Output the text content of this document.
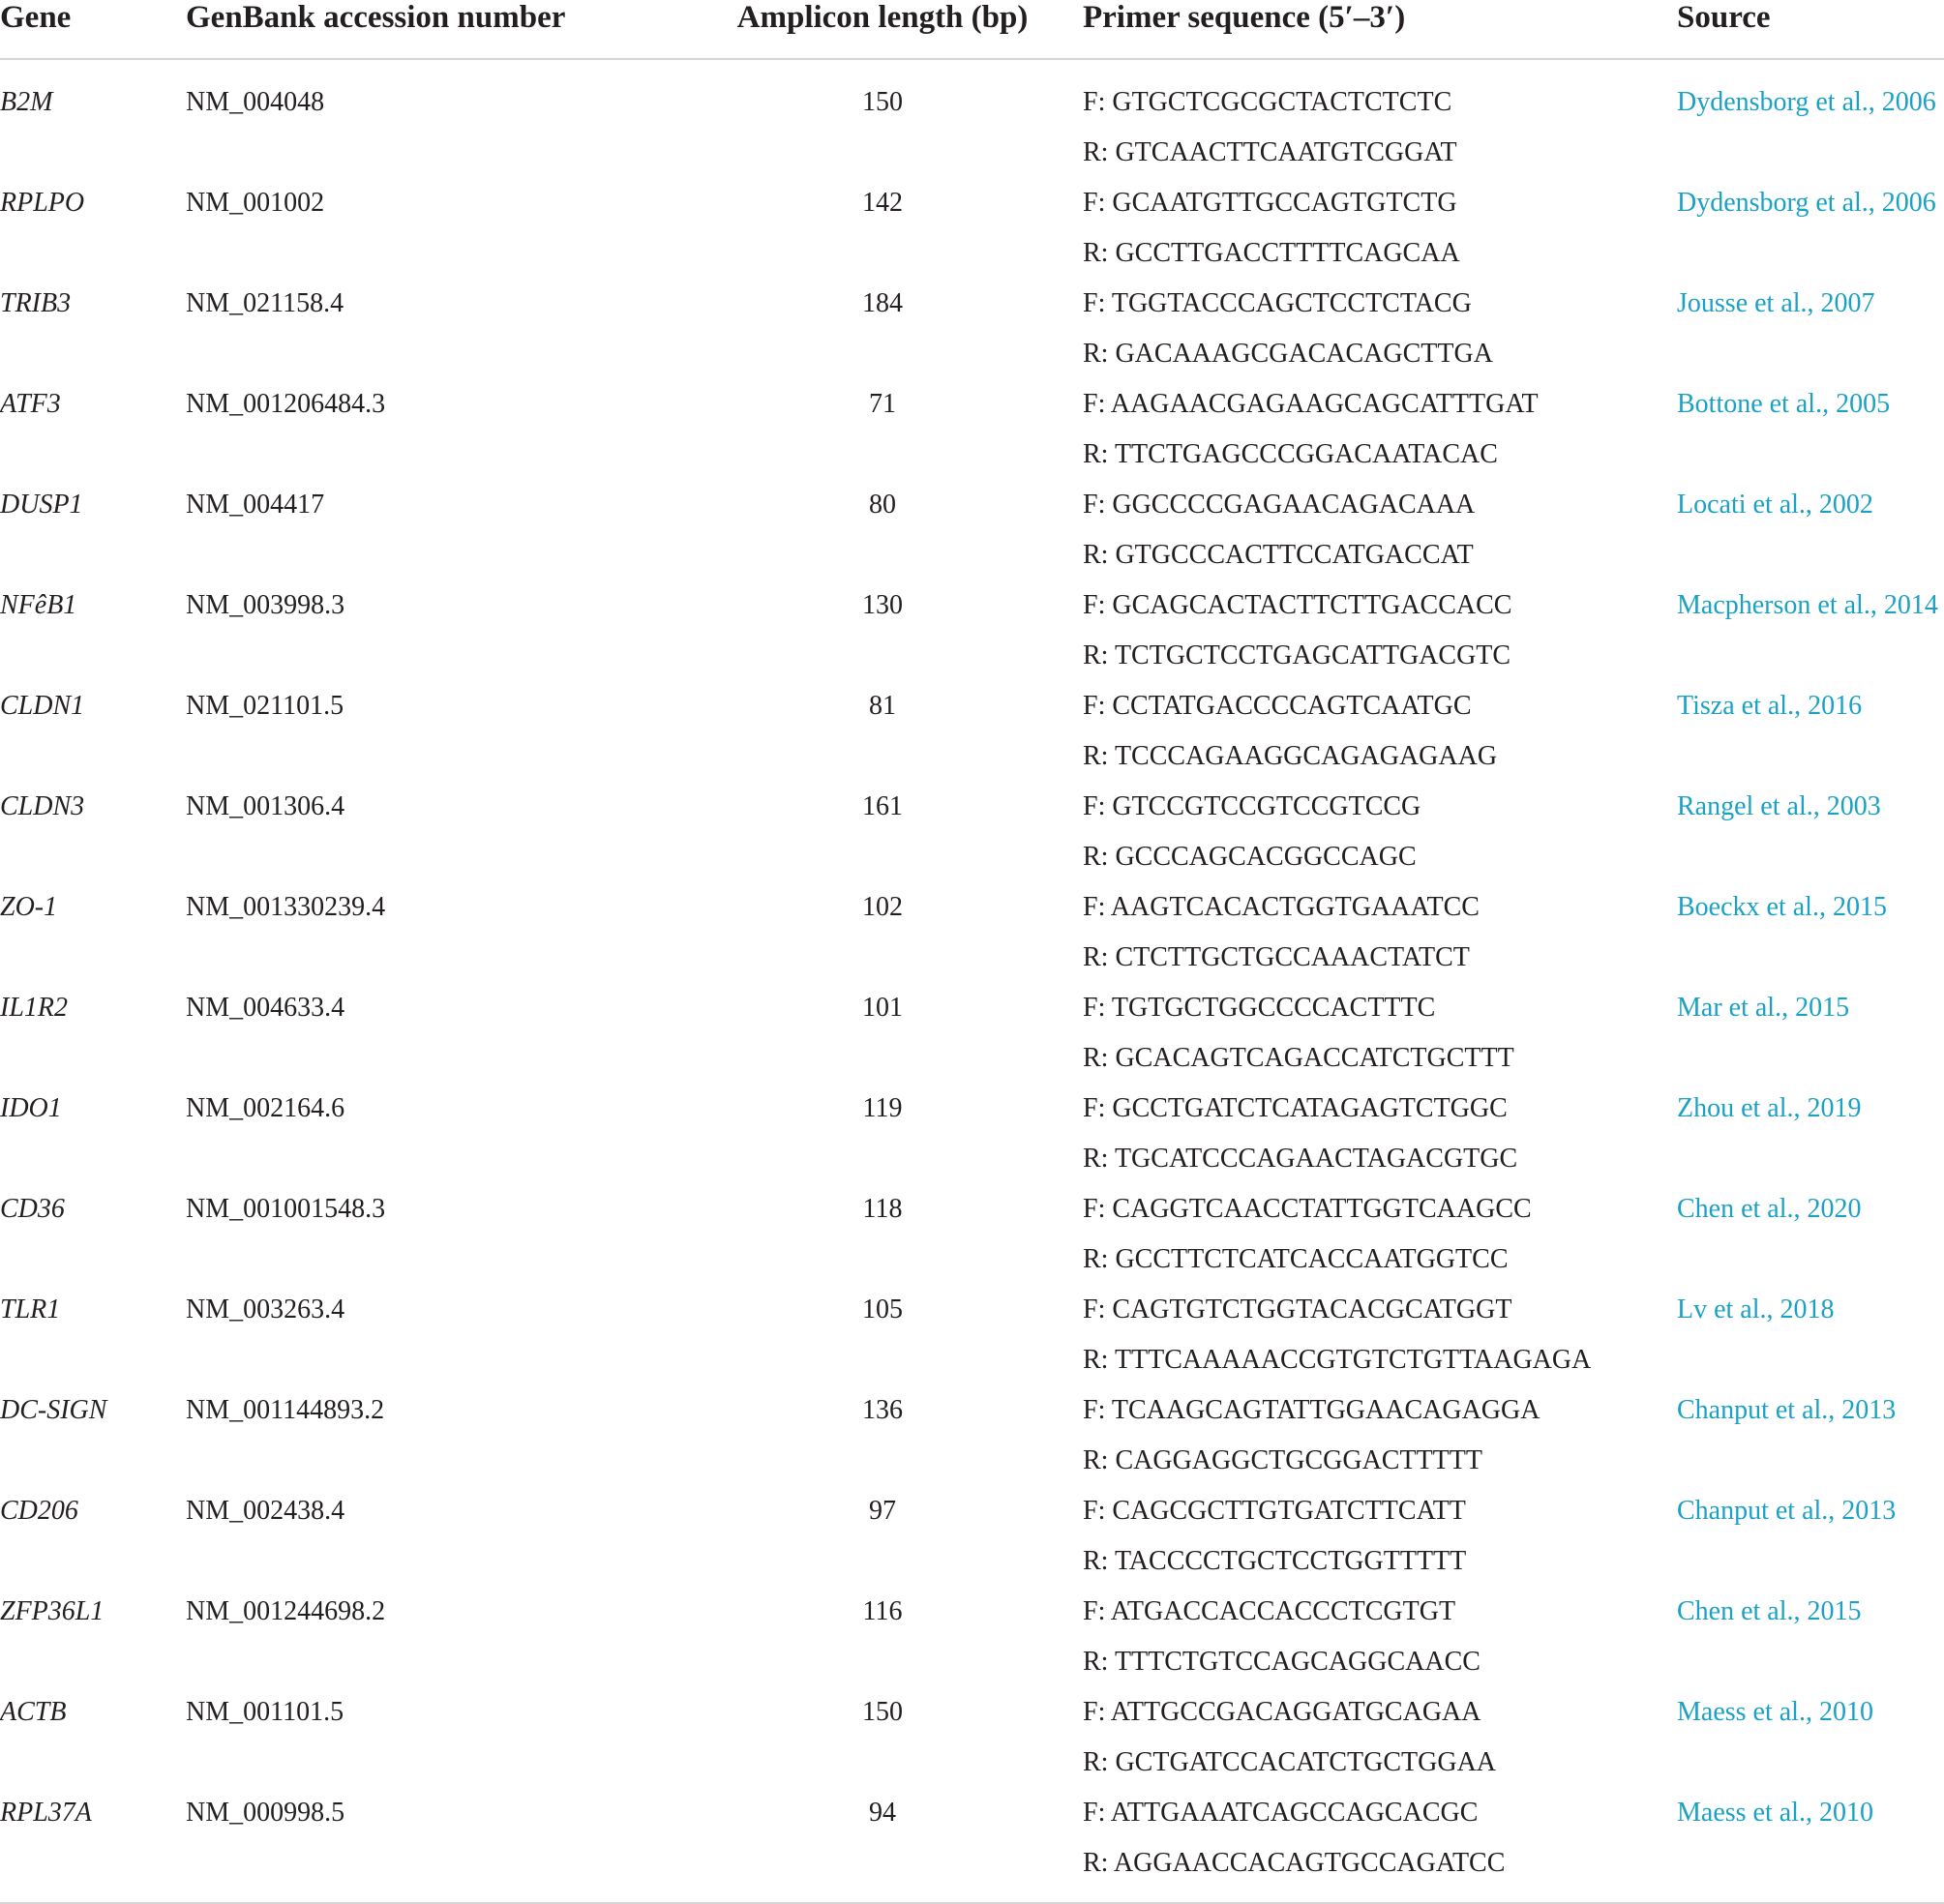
Gene	GenBank accession number	Amplicon length (bp)	Primer sequence (5′–3′)	Source
B2M	NM_004048	150	F: GTGCTCGCGCTACTCTCTC
R: GTCAACTTCAATGTCGGAT	Dydensborg et al., 2006

RPLPO	NM_001002	142	F: GCAATGTTGCCAGTGTCTG
R: GCCTTGACCTTTTCAGCAA	Dydensborg et al., 2006

TRIB3	NM_021158.4	184	F: TGGTACCCAGCTCCTCTACG
R: GACAAAGCGACACAGCTTGA	Jousse et al., 2007

ATF3	NM_001206484.3	71	F: AAGAACGAGAAGCAGCATTTGAT
R: TTCTGAGCCCGGACAATACAC	Bottone et al., 2005

DUSP1	NM_004417	80	F: GGCCCCGAGAACAGACAAA
R: GTGCCCACTTCCATGACCAT	Locati et al., 2002

NFêB1	NM_003998.3	130	F: GCAGCACTACTTCTTGACCACC
R: TCTGCTCCTGAGCATTGACGTC	Macpherson et al., 2014

CLDN1	NM_021101.5	81	F: CCTATGACCCCAGTCAATGC
R: TCCCAGAAGGCAGAGAGAAG	Tisza et al., 2016

CLDN3	NM_001306.4	161	F: GTCCGTCCGTCCGTCCG
R: GCCCAGCACGGCCAGC	Rangel et al., 2003

ZO-1	NM_001330239.4	102	F: AAGTCACACTGGTGAAATCC
R: CTCTTGCTGCCAAACTATCT	Boeckx et al., 2015

IL1R2	NM_004633.4	101	F: TGTGCTGGCCCCACTTTC
R: GCACAGTCAGACCATCTGCTTT	Mar et al., 2015

IDO1	NM_002164.6	119	F: GCCTGATCTCATAGAGTCTGGC
R: TGCATCCCAGAACTAGACGTGC	Zhou et al., 2019

CD36	NM_001001548.3	118	F: CAGGTCAACCTATTGGTCAAGCC
R: GCCTTCTCATCACCAATGGTCC	Chen et al., 2020

TLR1	NM_003263.4	105	F: CAGTGTCTGGTACACGCATGGT
R: TTTCAAAAACCGTGTCTGTTAAGAGA	Lv et al., 2018

DC-SIGN	NM_001144893.2	136	F: TCAAGCAGTATTGGAACAGAGGA
R: CAGGAGGCTGCGGACTTTTT	Chanput et al., 2013

CD206	NM_002438.4	97	F: CAGCGCTTGTGATCTTCATT
R: TACCCCTGCTCCTGGTTTTT	Chanput et al., 2013

ZFP36L1	NM_001244698.2	116	F: ATGACCACCACCCTCGTGT
R: TTTCTGTCCAGCAGGCAACC	Chen et al., 2015

ACTB	NM_001101.5	150	F: ATTGCCGACAGGATGCAGAA
R: GCTGATCCACATCTGCTGGAA	Maess et al., 2010

RPL37A	NM_000998.5	94	F: ATTGAAATCAGCCAGCACGC
R: AGGAACCACAGTGCCAGATCC	Maess et al., 2010
